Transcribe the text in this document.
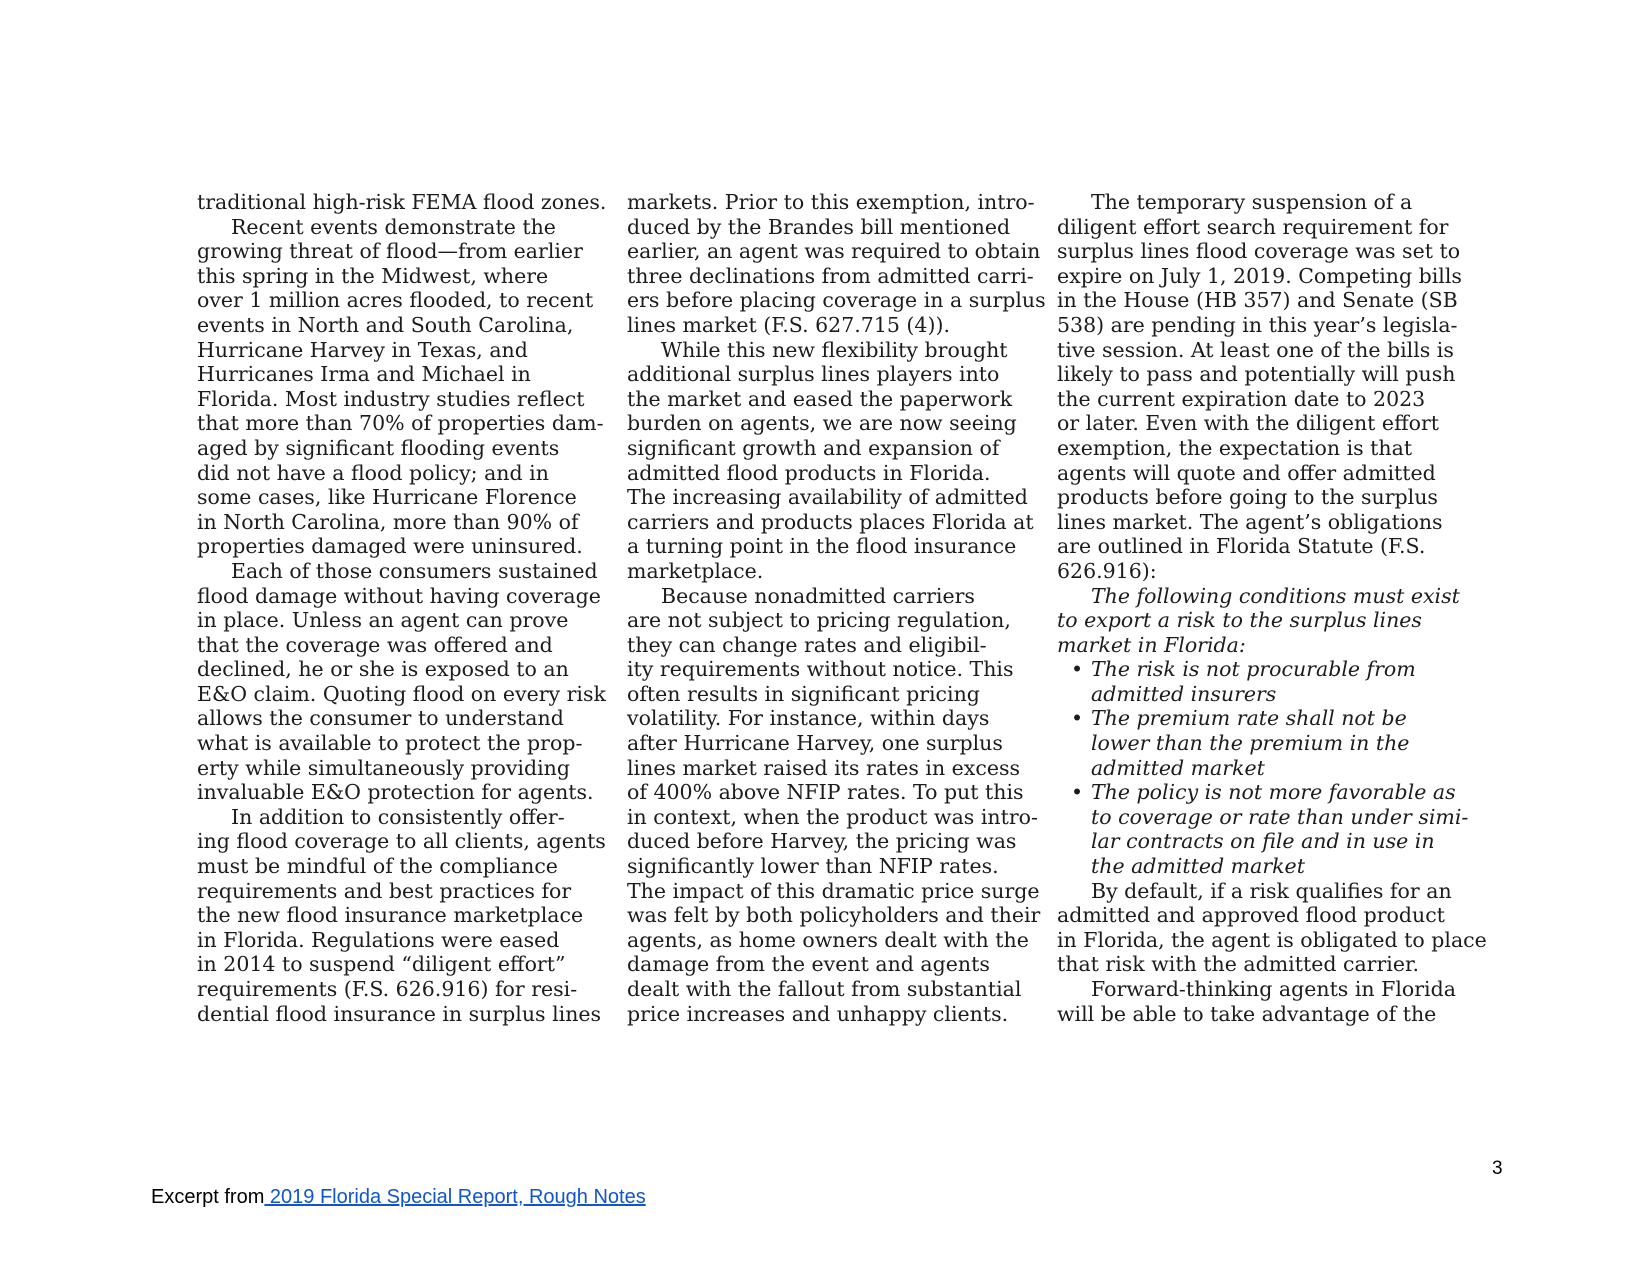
traditional high-risk FEMA flood zones.
Recent events demonstrate the
growing threat of flood—from earlier
this spring in the Midwest, where
over 1 million acres flooded, to recent
events in North and South Carolina,
Hurricane Harvey in Texas, and
Hurricanes Irma and Michael in
Florida. Most industry studies reflect
that more than 70% of properties dam-
aged by significant flooding events
did not have a flood policy; and in
some cases, like Hurricane Florence
in North Carolina, more than 90% of
properties damaged were uninsured.
Each of those consumers sustained
flood damage without having coverage
in place. Unless an agent can prove
that the coverage was offered and
declined, he or she is exposed to an
E&O claim. Quoting flood on every risk
allows the consumer to understand
what is available to protect the prop-
erty while simultaneously providing
invaluable E&O protection for agents.
In addition to consistently offer-
ing flood coverage to all clients, agents
must be mindful of the compliance
requirements and best practices for
the new flood insurance marketplace
in Florida. Regulations were eased
in 2014 to suspend “diligent effort”
requirements (F.S. 626.916) for resi-
dential flood insurance in surplus lines
markets. Prior to this exemption, intro-
duced by the Brandes bill mentioned
earlier, an agent was required to obtain
three declinations from admitted carri-
ers before placing coverage in a surplus
lines market (F.S. 627.715 (4)).
While this new flexibility brought
additional surplus lines players into
the market and eased the paperwork
burden on agents, we are now seeing
significant growth and expansion of
admitted flood products in Florida.
The increasing availability of admitted
carriers and products places Florida at
a turning point in the flood insurance
marketplace.
Because nonadmitted carriers
are not subject to pricing regulation,
they can change rates and eligibil-
ity requirements without notice. This
often results in significant pricing
volatility. For instance, within days
after Hurricane Harvey, one surplus
lines market raised its rates in excess
of 400% above NFIP rates. To put this
in context, when the product was intro-
duced before Harvey, the pricing was
significantly lower than NFIP rates.
The impact of this dramatic price surge
was felt by both policyholders and their
agents, as home owners dealt with the
damage from the event and agents
dealt with the fallout from substantial
price increases and unhappy clients.
The temporary suspension of a
diligent effort search requirement for
surplus lines flood coverage was set to
expire on July 1, 2019. Competing bills
in the House (HB 357) and Senate (SB
538) are pending in this year’s legisla-
tive session. At least one of the bills is
likely to pass and potentially will push
the current expiration date to 2023
or later. Even with the diligent effort
exemption, the expectation is that
agents will quote and offer admitted
products before going to the surplus
lines market. The agent’s obligations
are outlined in Florida Statute (F.S.
626.916):
The following conditions must exist
to export a risk to the surplus lines
market in Florida:
• The risk is not procurable from
admitted insurers
• The premium rate shall not be
lower than the premium in the
admitted market
• The policy is not more favorable as
to coverage or rate than under simi-
lar contracts on file and in use in
the admitted market
By default, if a risk qualifies for an
admitted and approved flood product
in Florida, the agent is obligated to place
that risk with the admitted carrier.
Forward-thinking agents in Florida
will be able to take advantage of the
Excerpt from 2019 Florida Special Report, Rough Notes
3
